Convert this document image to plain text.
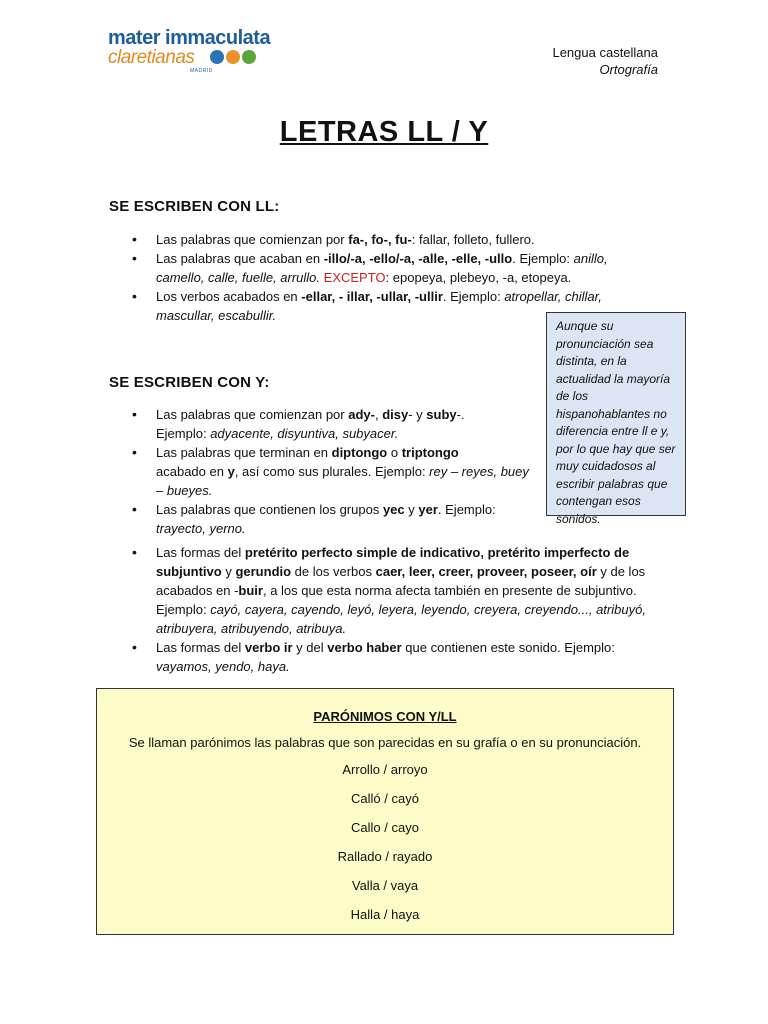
mater immaculata
claretianas
MADRID
Lengua castellana
Ortografía
LETRAS LL / Y
SE ESCRIBEN CON LL:
• Las palabras que comienzan por fa-, fo-, fu-: fallar, folleto, fullero.
• Las palabras que acaban en -illo/-a, -ello/-a, -alle, -elle, -ullo. Ejemplo: anillo, camello, calle, fuelle, arrullo. EXCEPTO: epopeya, plebeyo, -a, etopeya.
• Los verbos acabados en -ellar, - illar, -ullar, -ullir. Ejemplo: atropellar, chillar, mascullar, escabullir.
Aunque su pronunciación sea distinta, en la actualidad la mayoría de los hispanohablantes no diferencia entre ll e y, por lo que hay que ser muy cuidadosos al escribir palabras que contengan esos sonidos.
SE ESCRIBEN CON Y:
• Las palabras que comienzan por ady-, disy- y suby-.
Ejemplo: adyacente, disyuntiva, subyacer.
• Las palabras que terminan en diptongo o triptongo
acabado en y, así como sus plurales. Ejemplo: rey – reyes, buey – bueyes.
• Las palabras que contienen los grupos yec y yer. Ejemplo: trayecto, yerno.
• Las formas del pretérito perfecto simple de indicativo, pretérito imperfecto de subjuntivo y gerundio de los verbos caer, leer, creer, proveer, poseer, oír y de los acabados en -buir, a los que esta norma afecta también en presente de subjuntivo. Ejemplo: cayó, cayera, cayendo, leyó, leyera, leyendo, creyera, creyendo..., atribuyó, atribuyera, atribuyendo, atribuya.
• Las formas del verbo ir y del verbo haber que contienen este sonido. Ejemplo: vayamos, yendo, haya.
PARÓNIMOS CON Y/LL
Se llaman parónimos las palabras que son parecidas en su grafía o en su pronunciación.
Arrollo / arroyo
Calló / cayó
Callo / cayo
Rallado / rayado
Valla / vaya
Halla / haya
